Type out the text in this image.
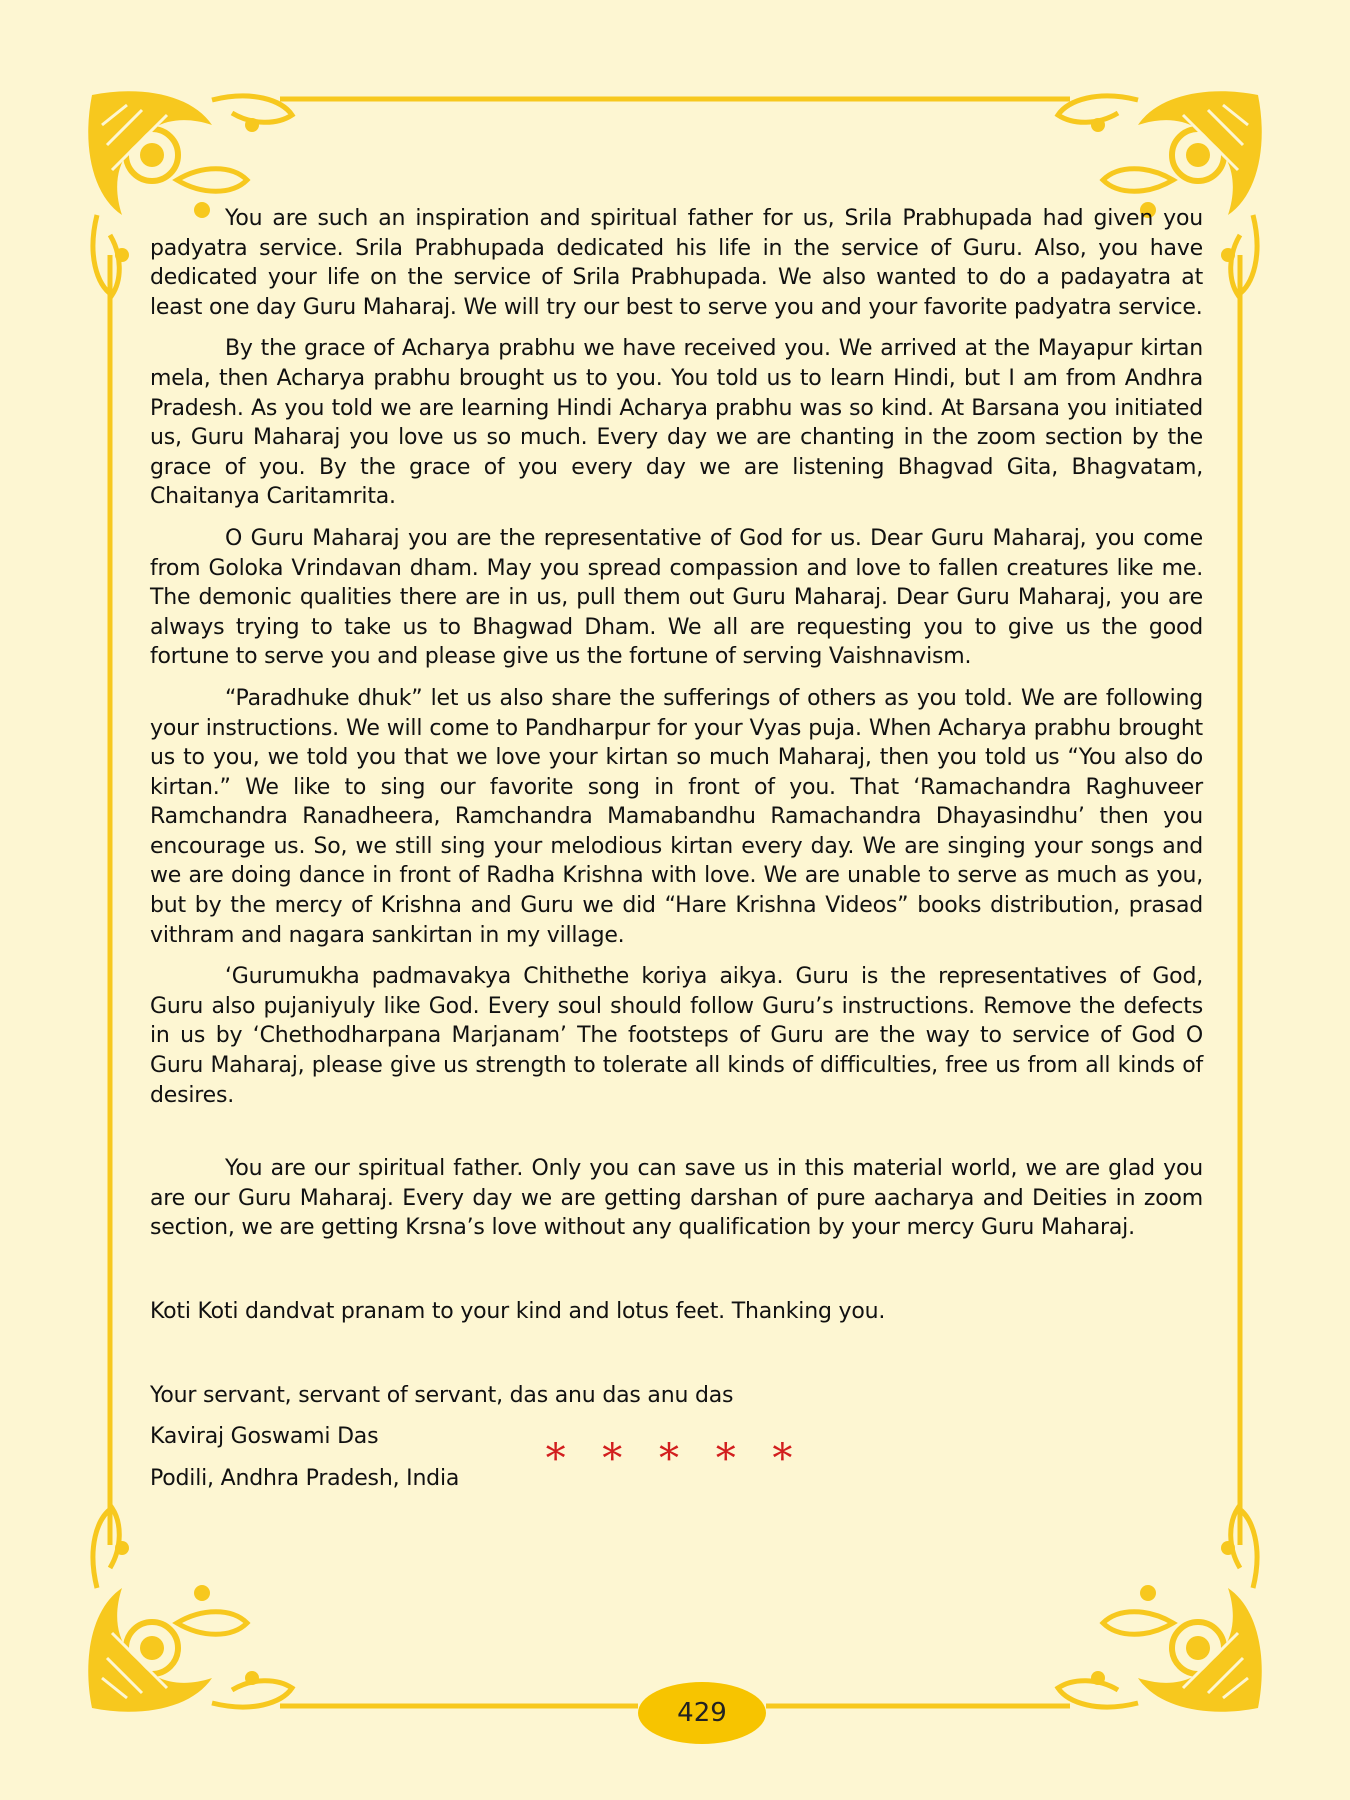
You are such an inspiration and spiritual father for us, Srila Prabhupada had given you padyatra service. Srila Prabhupada dedicated his life in the service of Guru. Also, you have dedicated your life on the service of Srila Prabhupada. We also wanted to do a padayatra at least one day Guru Maharaj. We will try our best to serve you and your favorite padyatra service.

By the grace of Acharya prabhu we have received you. We arrived at the Mayapur kirtan mela, then Acharya prabhu brought us to you. You told us to learn Hindi, but I am from Andhra Pradesh. As you told we are learning Hindi Acharya prabhu was so kind. At Barsana you initiated us, Guru Maharaj you love us so much. Every day we are chanting in the zoom section by the grace of you. By the grace of you every day we are listening Bhagvad Gita, Bhagvatam, Chaitanya Caritamrita.

O Guru Maharaj you are the representative of God for us. Dear Guru Maharaj, you come from Goloka Vrindavan dham. May you spread compassion and love to fallen creatures like me. The demonic qualities there are in us, pull them out Guru Maharaj. Dear Guru Maharaj, you are always trying to take us to Bhagwad Dham. We all are requesting you to give us the good fortune to serve you and please give us the fortune of serving Vaishnavism.

“Paradhuke dhuk” let us also share the sufferings of others as you told. We are following your instructions. We will come to Pandharpur for your Vyas puja. When Acharya prabhu brought us to you, we told you that we love your kirtan so much Maharaj, then you told us “You also do kirtan.” We like to sing our favorite song in front of you. That ‘Ramachandra Raghuveer Ramchandra Ranadheera, Ramchandra Mamabandhu Ramachandra Dhayasindhu’ then you encourage us. So, we still sing your melodious kirtan every day. We are singing your songs and we are doing dance in front of Radha Krishna with love. We are unable to serve as much as you, but by the mercy of Krishna and Guru we did “Hare Krishna Videos” books distribution, prasad vithram and nagara sankirtan in my village.

‘Gurumukha padmavakya Chithethe koriya aikya. Guru is the representatives of God, Guru also pujaniyuly like God. Every soul should follow Guru’s instructions. Remove the defects in us by ‘Chethodharpana Marjanam’ The footsteps of Guru are the way to service of God O Guru Maharaj, please give us strength to tolerate all kinds of difficulties, free us from all kinds of desires.

You are our spiritual father. Only you can save us in this material world, we are glad you are our Guru Maharaj. Every day we are getting darshan of pure aacharya and Deities in zoom section, we are getting Krsna’s love without any qualification by your mercy Guru Maharaj.

Koti Koti dandvat pranam to your kind and lotus feet. Thanking you.

Your servant, servant of servant, das anu das anu das

Kaviraj Goswami Das

Podili, Andhra Pradesh, India	* * * * *
429
